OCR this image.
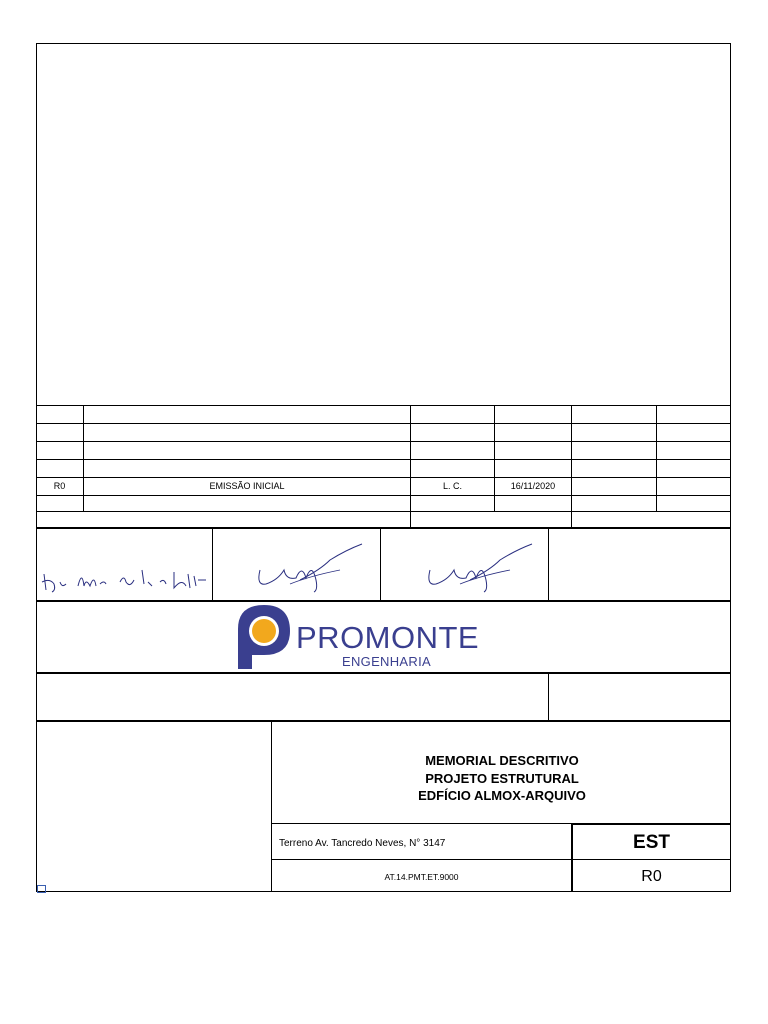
R0	EMISSÃO INICIAL	L. C.	16/11/2020
PROMONTE
ENGENHARIA
MEMORIAL DESCRITIVO
PROJETO ESTRUTURAL
EDFÍCIO ALMOX-ARQUIVO
Terreno Av. Tancredo Neves, N° 3147
AT.14.PMT.ET.9000
EST
R0
